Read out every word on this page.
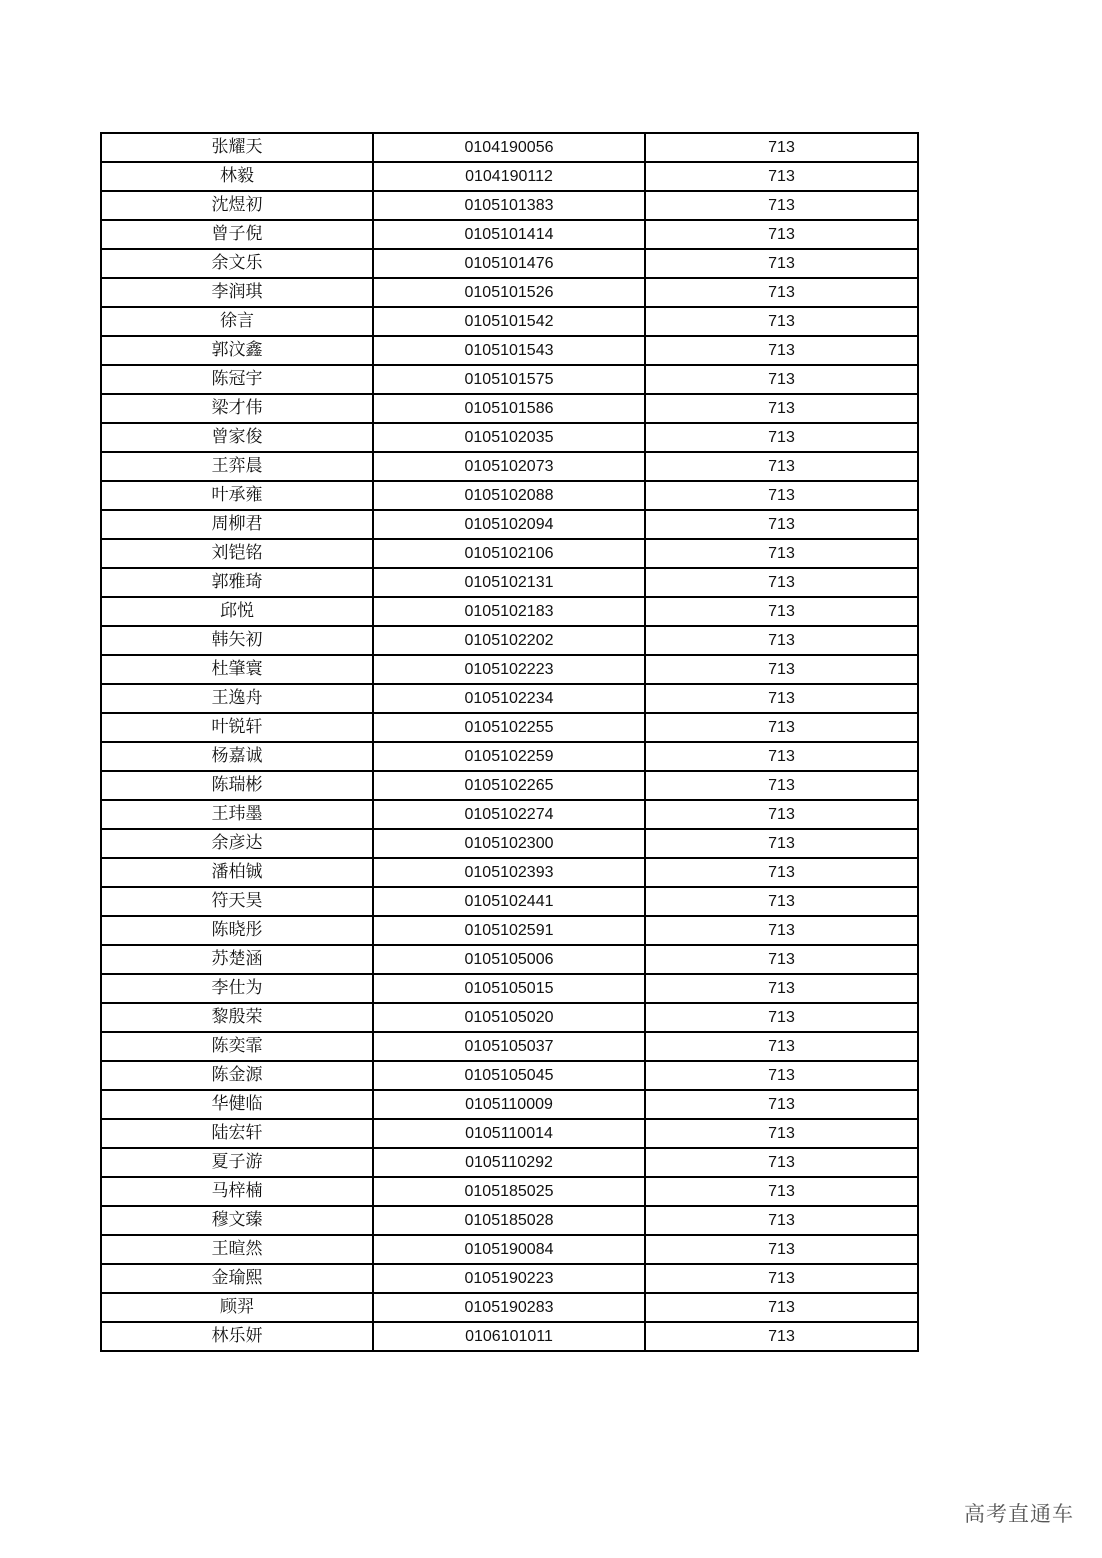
张耀天	0104190056	713
林毅	0104190112	713
沈煜初	0105101383	713
曾子倪	0105101414	713
余文乐	0105101476	713
李润琪	0105101526	713
徐言	0105101542	713
郭汶鑫	0105101543	713
陈冠宇	0105101575	713
梁才伟	0105101586	713
曾家俊	0105102035	713
王弈晨	0105102073	713
叶承雍	0105102088	713
周柳君	0105102094	713
刘铠铭	0105102106	713
郭雅琦	0105102131	713
邱悦	0105102183	713
韩矢初	0105102202	713
杜肇寰	0105102223	713
王逸舟	0105102234	713
叶锐轩	0105102255	713
杨嘉诚	0105102259	713
陈瑞彬	0105102265	713
王玮墨	0105102274	713
余彦达	0105102300	713
潘柏铖	0105102393	713
符天昊	0105102441	713
陈晓彤	0105102591	713
苏楚涵	0105105006	713
李仕为	0105105015	713
黎殷荣	0105105020	713
陈奕霏	0105105037	713
陈金源	0105105045	713
华健临	0105110009	713
陆宏轩	0105110014	713
夏子游	0105110292	713
马梓楠	0105185025	713
穆文臻	0105185028	713
王暄然	0105190084	713
金瑜熙	0105190223	713
顾羿	0105190283	713
林乐妍	0106101011	713
高考直通车
